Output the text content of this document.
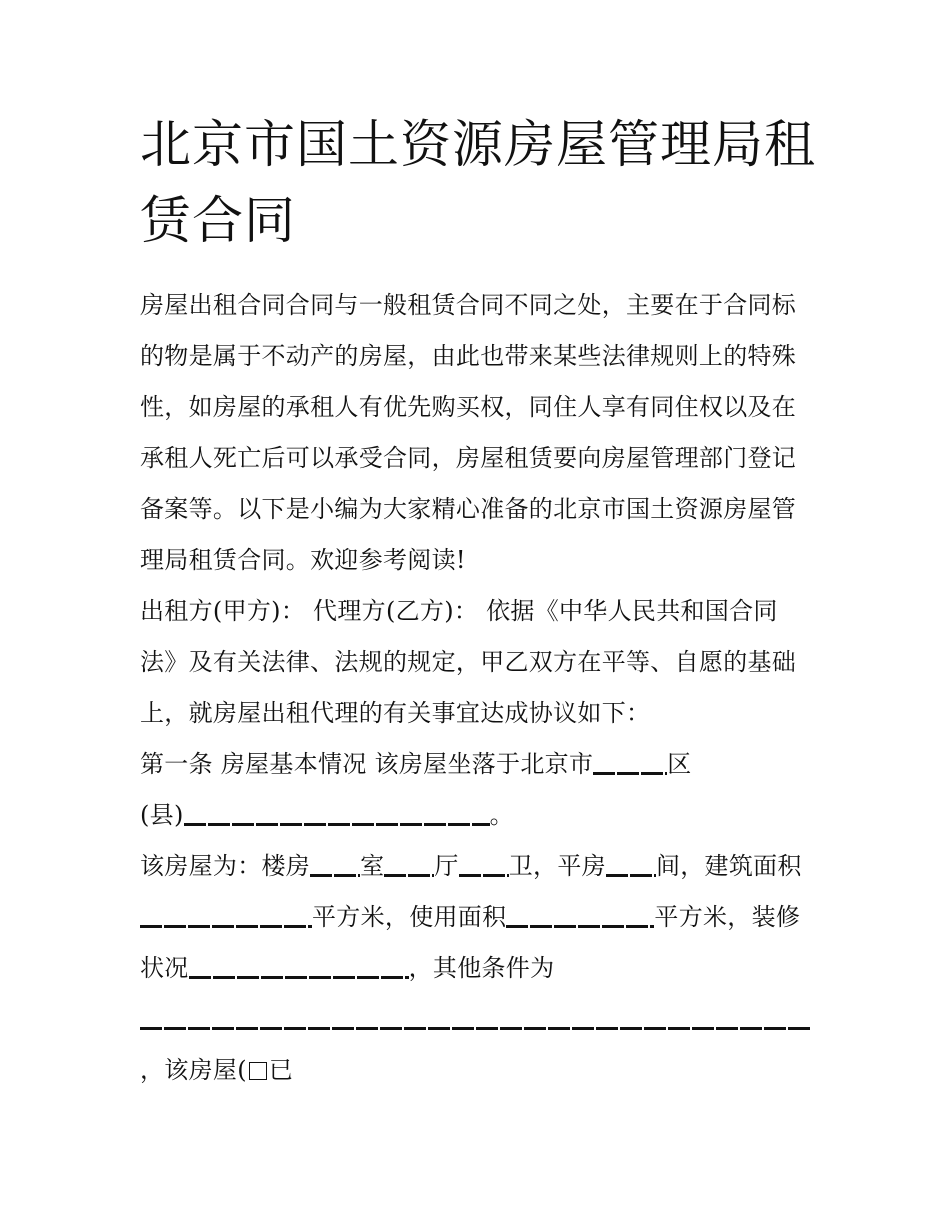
北京市国土资源房屋管理局租
赁合同
房屋出租合同合同与一般租赁合同不同之处，主要在于合同标
的物是属于不动产的房屋，由此也带来某些法律规则上的特殊
性，如房屋的承租人有优先购买权，同住人享有同住权以及在
承租人死亡后可以承受合同，房屋租赁要向房屋管理部门登记
备案等。以下是小编为大家精心准备的北京市国土资源房屋管
理局租赁合同。欢迎参考阅读!
出租方(甲方)： 代理方(乙方)： 依据《中华人民共和国合同
法》及有关法律、法规的规定，甲乙双方在平等、自愿的基础
上，就房屋出租代理的有关事宜达成协议如下：
第一条 房屋基本情况 该房屋坐落于北京市	区
(县)	。
该房屋为：楼房 室 厅 卫，平房 间，建筑面积
平方米，使用面积	平方米，装修
状况	，其他条件为
，该房屋( 已
